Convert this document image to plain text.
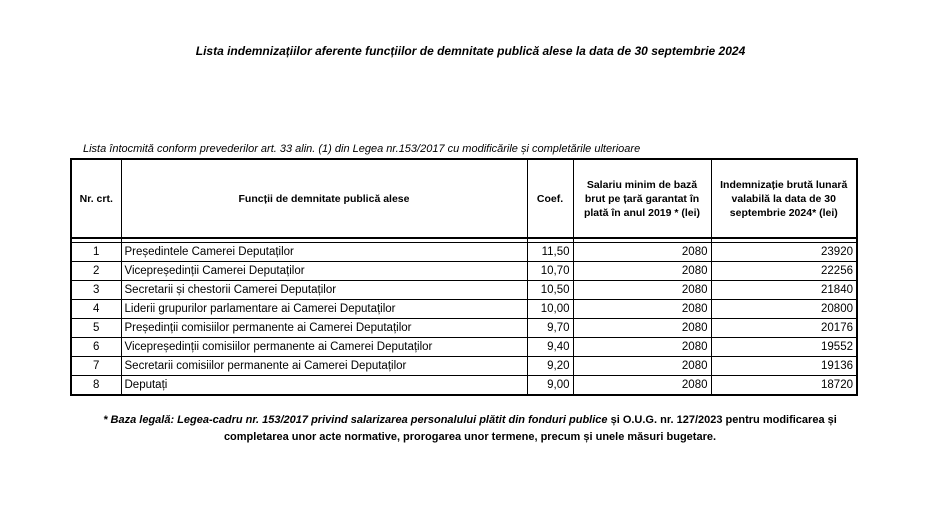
Lista indemnizațiilor aferente funcțiilor de demnitate publică alese la data de 30 septembrie 2024
Lista întocmită conform prevederilor art. 33 alin. (1) din Legea nr.153/2017 cu modificările și completările ulterioare
Nr. crt.	Funcții de demnitate publică alese	Coef.	Salariu minim de bază brut pe țară garantat în plată în anul 2019 * (lei)	Indemnizație brută lunară valabilă la data de 30 septembrie 2024* (lei)

1	Președintele Camerei Deputaților	11,50	2080	23920
2	Vicepreședinții Camerei Deputaților	10,70	2080	22256
3	Secretarii și chestorii Camerei Deputaților	10,50	2080	21840
4	Liderii grupurilor parlamentare ai Camerei Deputaților	10,00	2080	20800
5	Președinții comisiilor permanente ai Camerei Deputaților	9,70	2080	20176
6	Vicepreședinții comisiilor permanente ai Camerei Deputaților	9,40	2080	19552
7	Secretarii comisiilor permanente ai Camerei Deputaților	9,20	2080	19136
8	Deputați	9,00	2080	18720
* Baza legală: Legea-cadru nr. 153/2017 privind salarizarea personalului plătit din fonduri publice și O.U.G. nr. 127/2023 pentru modificarea și completarea unor acte normative, prorogarea unor termene, precum și unele măsuri bugetare.
